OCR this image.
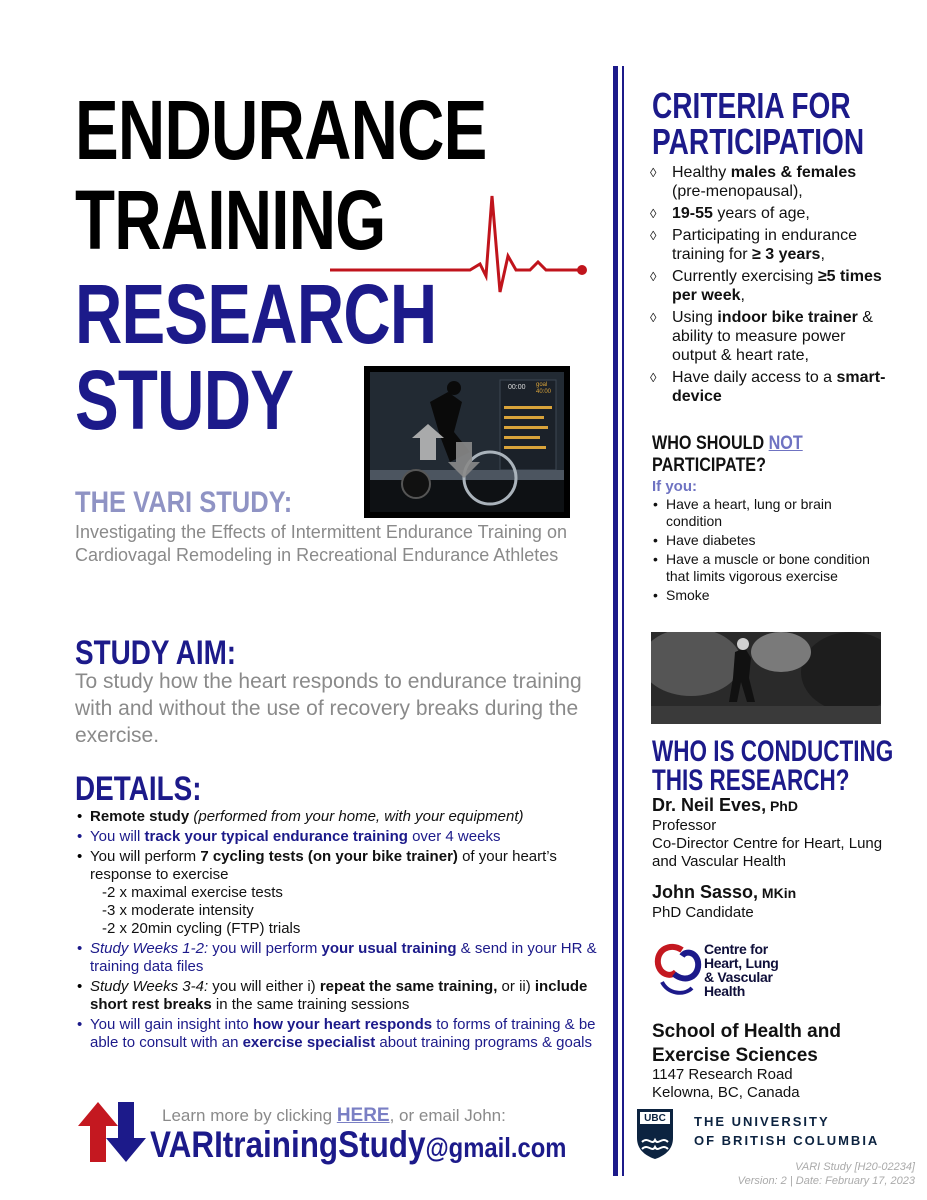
ENDURANCE
TRAINING
RESEARCH
STUDY	00:00 goal
40:00
THE VARI STUDY:
Investigating the Effects of Intermittent Endurance Training on Cardiovagal Remodeling in Recreational Endurance Athletes
STUDY AIM:
To study how the heart responds to endurance training with and without the use of recovery breaks during the exercise.
DETAILS:
• Remote study (performed from your home, with your equipment)
• You will track your typical endurance training over 4 weeks
• You will perform 7 cycling tests (on your bike trainer) of your heart’s response to exercise
-2 x maximal exercise tests
-3 x moderate intensity
-2 x 20min cycling (FTP) trials
• Study Weeks 1-2: you will perform your usual training & send in your HR & training data files
• Study Weeks 3-4: you will either i) repeat the same training, or ii) include short rest breaks in the same training sessions
• You will gain insight into how your heart responds to forms of training & be able to consult with an exercise specialist about training programs & goals
Learn more by clicking HERE, or email John:
VARItrainingStudy@gmail.com
CRITERIA FOR
PARTICIPATION
◊ Healthy males & females (pre-menopausal),
◊ 19-55 years of age,
◊ Participating in endurance training for ≥ 3 years,
◊ Currently exercising ≥5 times per week,
◊ Using indoor bike trainer & ability to measure power output & heart rate,
◊ Have daily access to a smart-device
WHO SHOULD NOT
PARTICIPATE?
If you:
• Have a heart, lung or brain condition
• Have diabetes
• Have a muscle or bone condition that limits vigorous exercise
• Smoke
WHO IS CONDUCTING
THIS RESEARCH?
Dr. Neil Eves, PhD
Professor
Co-Director Centre for Heart, Lung and Vascular Health
John Sasso, MKin
PhD Candidate
Centre for
Heart, Lung
& Vascular
Health
School of Health and Exercise Sciences
1147 Research Road
Kelowna, BC, Canada
UBC THE UNIVERSITY
OF BRITISH COLUMBIA
VARI Study [H20-02234]
Version: 2 | Date: February 17, 2023
